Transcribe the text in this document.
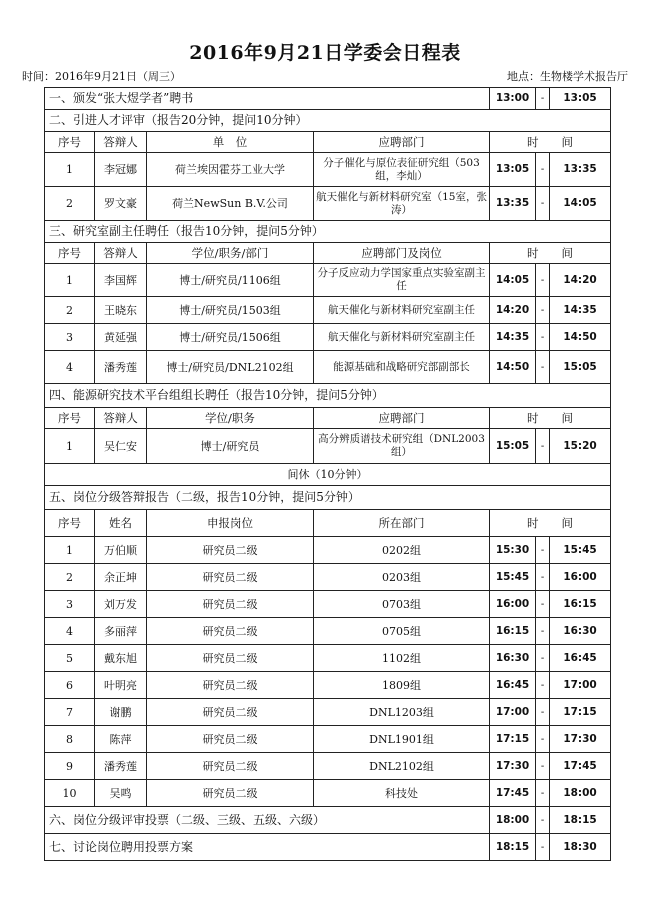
2016年9月21日学委会日程表
时间：2016年9月21日（周三）	地点：生物楼学术报告厅
一、颁发“张大煜学者”聘书				13:00	-	13:05
二、引进人才评审（报告20分钟，提问10分钟）						
序号	答辩人	单　位	应聘部门	时　　间		
1	李冠娜	荷兰埃因霍芬工业大学	分子催化与原位表征研究组（503组，李灿）	13:05	-	13:35
2	罗文豪	荷兰NewSun B.V.公司	航天催化与新材料研究室（15室，张涛）	13:35	-	14:05
三、研究室副主任聘任（报告10分钟，提问5分钟）						
序号	答辩人	学位/职务/部门	应聘部门及岗位	时　　间		
1	李国辉	博士/研究员/1106组	分子反应动力学国家重点实验室副主任	14:05	-	14:20
2	王晓东	博士/研究员/1503组	航天催化与新材料研究室副主任	14:20	-	14:35
3	黄延强	博士/研究员/1506组	航天催化与新材料研究室副主任	14:35	-	14:50
4	潘秀莲	博士/研究员/DNL2102组	能源基础和战略研究部副部长	14:50	-	15:05
四、能源研究技术平台组组长聘任（报告10分钟，提问5分钟）						
序号	答辩人	学位/职务	应聘部门	时　　间		
1	吴仁安	博士/研究员	高分辨质谱技术研究组（DNL2003组）	15:05	-	15:20
间休（10分钟）						
五、岗位分级答辩报告（二级，报告10分钟，提问5分钟）						
序号	姓名	申报岗位	所在部门	时　　间		
1	万伯顺	研究员二级	0202组	15:30	-	15:45
2	余正坤	研究员二级	0203组	15:45	-	16:00
3	刘万发	研究员二级	0703组	16:00	-	16:15
4	多丽萍	研究员二级	0705组	16:15	-	16:30
5	戴东旭	研究员二级	1102组	16:30	-	16:45
6	叶明亮	研究员二级	1809组	16:45	-	17:00
7	谢鹏	研究员二级	DNL1203组	17:00	-	17:15
8	陈萍	研究员二级	DNL1901组	17:15	-	17:30
9	潘秀莲	研究员二级	DNL2102组	17:30	-	17:45
10	吴鸣	研究员二级	科技处	17:45	-	18:00
六、岗位分级评审投票（二级、三级、五级、六级）				18:00	-	18:15
七、讨论岗位聘用投票方案				18:15	-	18:30
